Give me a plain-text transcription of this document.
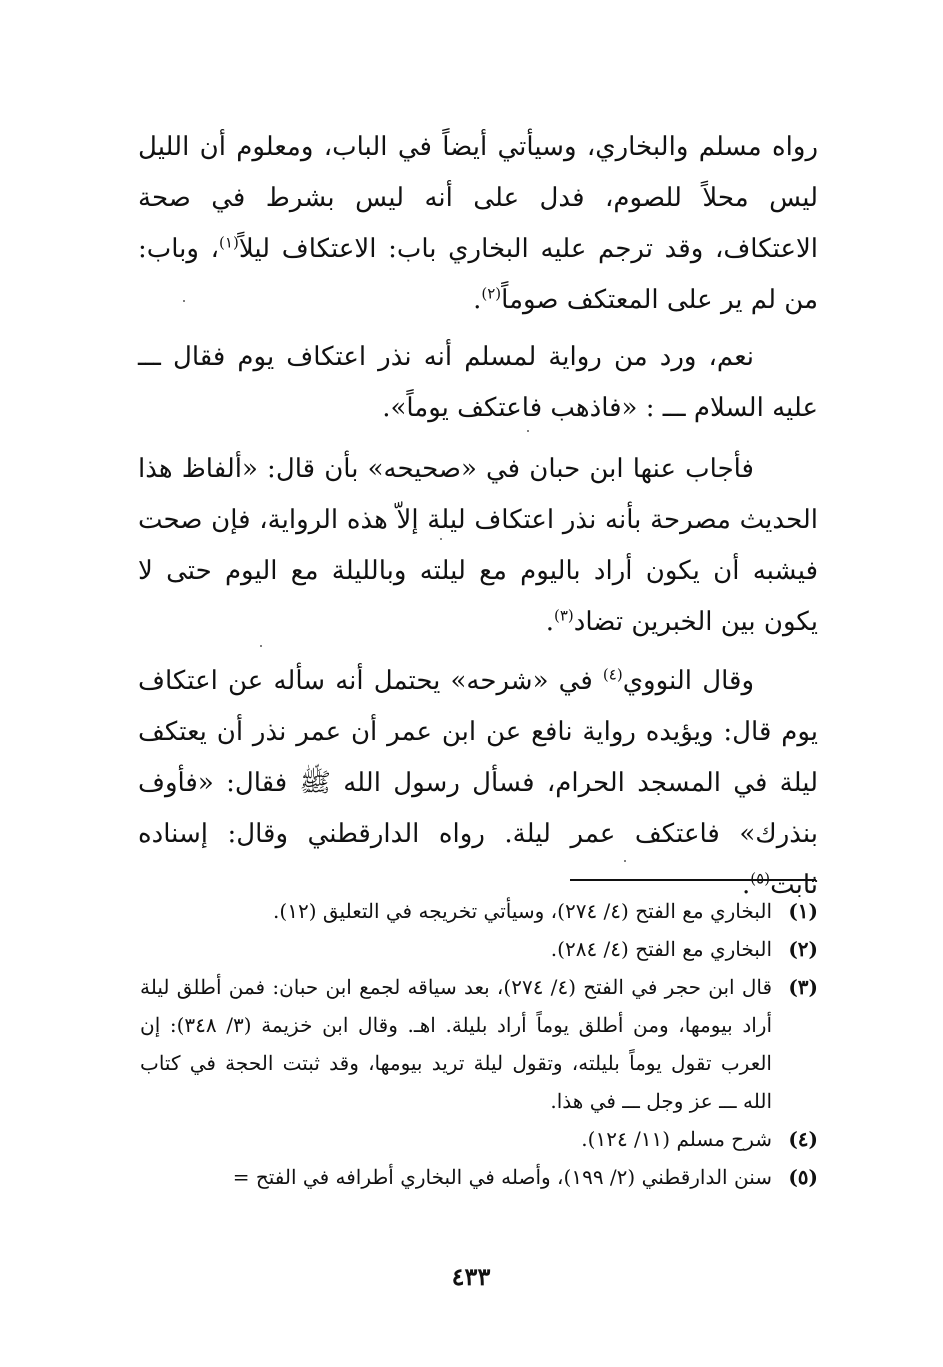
رواه مسلم والبخاري، وسيأتي أيضاً في الباب، ومعلوم أن الليل ليس محلاً للصوم، فدل على أنه ليس بشرط في صحة الاعتكاف، وقد ترجم عليه البخاري باب: الاعتكاف ليلاً$^{(١)}$، وباب: من لم ير على المعتكف صوماً$^{(٢)}$.

نعم، ورد من رواية لمسلم أنه نذر اعتكاف يوم فقال ـــ عليه السلام ـــ : «فاذهب فاعتكف يوماً».

فأجاب عنها ابن حبان في «صحيحه» بأن قال: «ألفاظ هذا الحديث مصرحة بأنه نذر اعتكاف ليلة إلاّ هذه الرواية، فإن صحت فيشبه أن يكون أراد باليوم مع ليلته وبالليلة مع اليوم حتى لا يكون بين الخبرين تضاد$^{(٣)}$.

وقال النووي$^{(٤)}$ في «شرحه» يحتمل أنه سأله عن اعتكاف يوم قال: ويؤيده رواية نافع عن ابن عمر أن عمر نذر أن يعتكف ليلة في المسجد الحرام، فسأل رسول الله ﷺ فقال: «فأوف بنذرك» فاعتكف عمر ليلة. رواه الدارقطني وقال: إسناده ثابت$^{(٥)}$.

(١)
البخاري مع الفتح (٤/ ٢٧٤)، وسيأتي تخريجه في التعليق (١٢).
(٢)
البخاري مع الفتح (٤/ ٢٨٤).
(٣)
قال ابن حجر في الفتح (٤/ ٢٧٤)، بعد سياقه لجمع ابن حبان: فمن أطلق ليلة أراد بيومها، ومن أطلق يوماً أراد بليلة. اهـ. وقال ابن خزيمة (٣/ ٣٤٨): إن العرب تقول يوماً بليلته، وتقول ليلة تريد بيومها، وقد ثبتت الحجة في كتاب الله ـــ عز وجل ـــ في هذا.
(٤)
شرح مسلم (١١/ ١٢٤).
(٥)
سنن الدارقطني (٢/ ١٩٩)، وأصله في البخاري أطرافه في الفتح =
٤٣٣
